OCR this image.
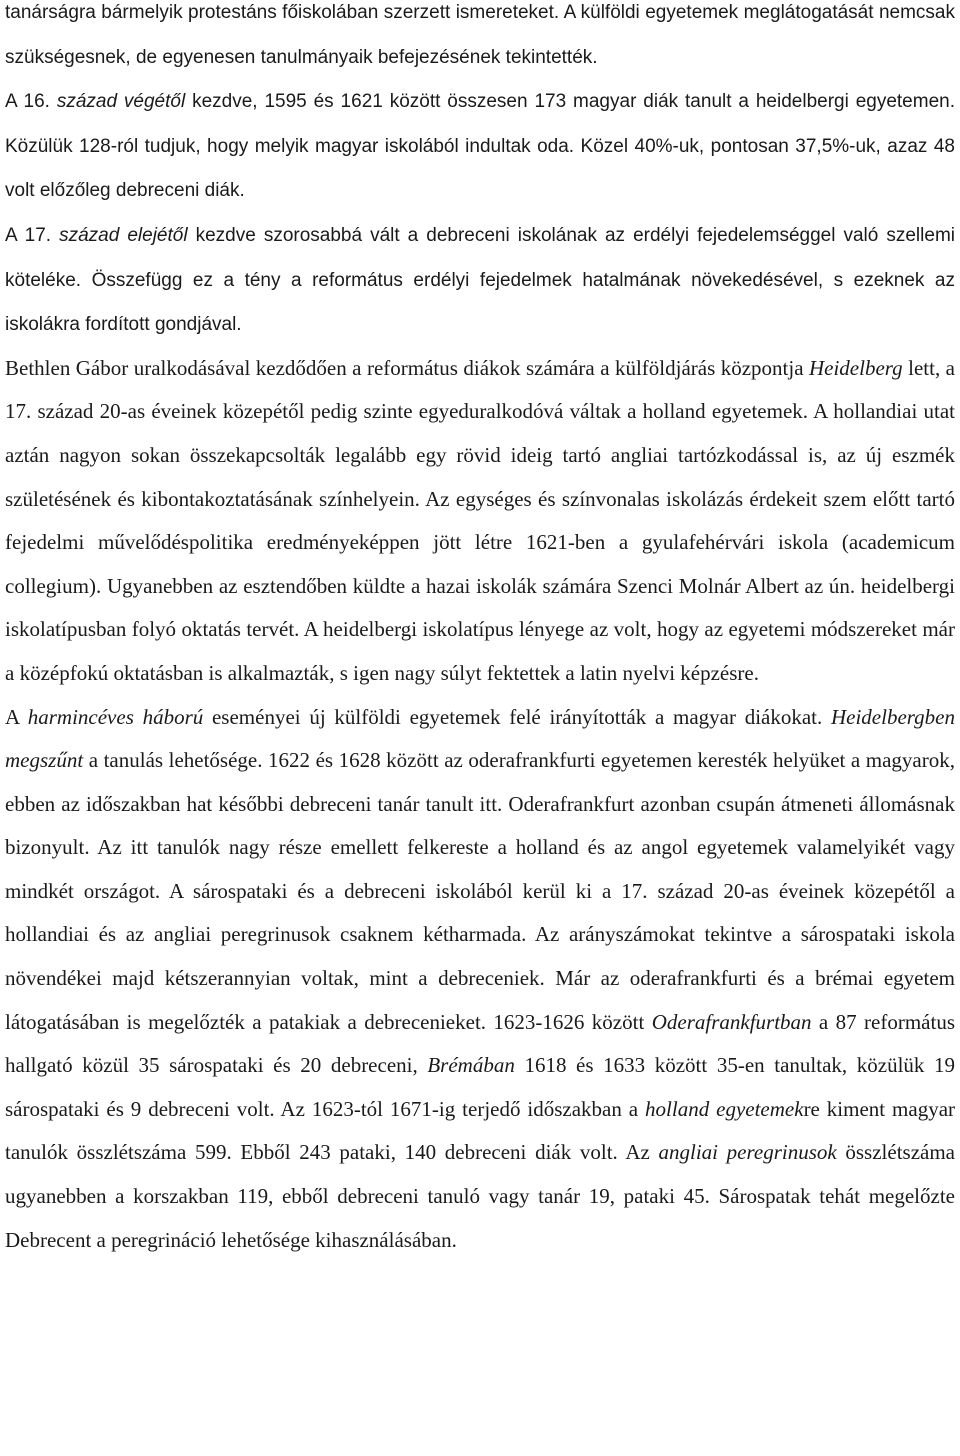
tanárságra bármelyik protestáns főiskolában szerzett ismereteket. A külföldi egyetemek meglátogatását nemcsak szükségesnek, de egyenesen tanulmányaik befejezésének tekintették.

A 16. század végétől kezdve, 1595 és 1621 között összesen 173 magyar diák tanult a heidelbergi egyetemen. Közülük 128-ról tudjuk, hogy melyik magyar iskolából indultak oda. Közel 40%-uk, pontosan 37,5%-uk, azaz 48 volt előzőleg debreceni diák.

A 17. század elejétől kezdve szorosabbá vált a debreceni iskolának az erdélyi fejedelemséggel való szellemi köteléke. Összefügg ez a tény a református erdélyi fejedelmek hatalmának növekedésével, s ezeknek az iskolákra fordított gondjával.

Bethlen Gábor uralkodásával kezdődően a református diákok számára a külföldjárás központja Heidelberg lett, a 17. század 20-as éveinek közepétől pedig szinte egyeduralkodóvá váltak a holland egyetemek. A hollandiai utat aztán nagyon sokan összekapcsolták legalább egy rövid ideig tartó angliai tartózkodással is, az új eszmék születésének és kibontakoztatásának színhelyein. Az egységes és színvonalas iskolázás érdekeit szem előtt tartó fejedelmi művelődéspolitika eredményeképpen jött létre 1621-ben a gyulafehérvári iskola (academicum collegium). Ugyanebben az esztendőben küldte a hazai iskolák számára Szenci Molnár Albert az ún. heidelbergi iskolatípusban folyó oktatás tervét. A heidelbergi iskolatípus lényege az volt, hogy az egyetemi módszereket már a középfokú oktatásban is alkalmazták, s igen nagy súlyt fektettek a latin nyelvi képzésre.

A harmincéves háború eseményei új külföldi egyetemek felé irányították a magyar diákokat. Heidelbergben megszűnt a tanulás lehetősége. 1622 és 1628 között az oderafrankfurti egyetemen keresték helyüket a magyarok, ebben az időszakban hat későbbi debreceni tanár tanult itt. Oderafrankfurt azonban csupán átmeneti állomásnak bizonyult. Az itt tanulók nagy része emellett felkereste a holland és az angol egyetemek valamelyikét vagy mindkét országot. A sárospataki és a debreceni iskolából kerül ki a 17. század 20-as éveinek közepétől a hollandiai és az angliai peregrinusok csaknem kétharmada. Az arányszámokat tekintve a sárospataki iskola növendékei majd kétszerannyian voltak, mint a debreceniek. Már az oderafrankfurti és a brémai egyetem látogatásában is megelőzték a patakiak a debrecenieket. 1623-1626 között Oderafrankfurtban a 87 református hallgató közül 35 sárospataki és 20 debreceni, Brémában 1618 és 1633 között 35-en tanultak, közülük 19 sárospataki és 9 debreceni volt. Az 1623-tól 1671-ig terjedő időszakban a holland egyetemekre kiment magyar tanulók összlétszáma 599. Ebből 243 pataki, 140 debreceni diák volt. Az angliai peregrinusok összlétszáma ugyanebben a korszakban 119, ebből debreceni tanuló vagy tanár 19, pataki 45. Sárospatak tehát megelőzte Debrecent a peregrináció lehetősége kihasználásában.
